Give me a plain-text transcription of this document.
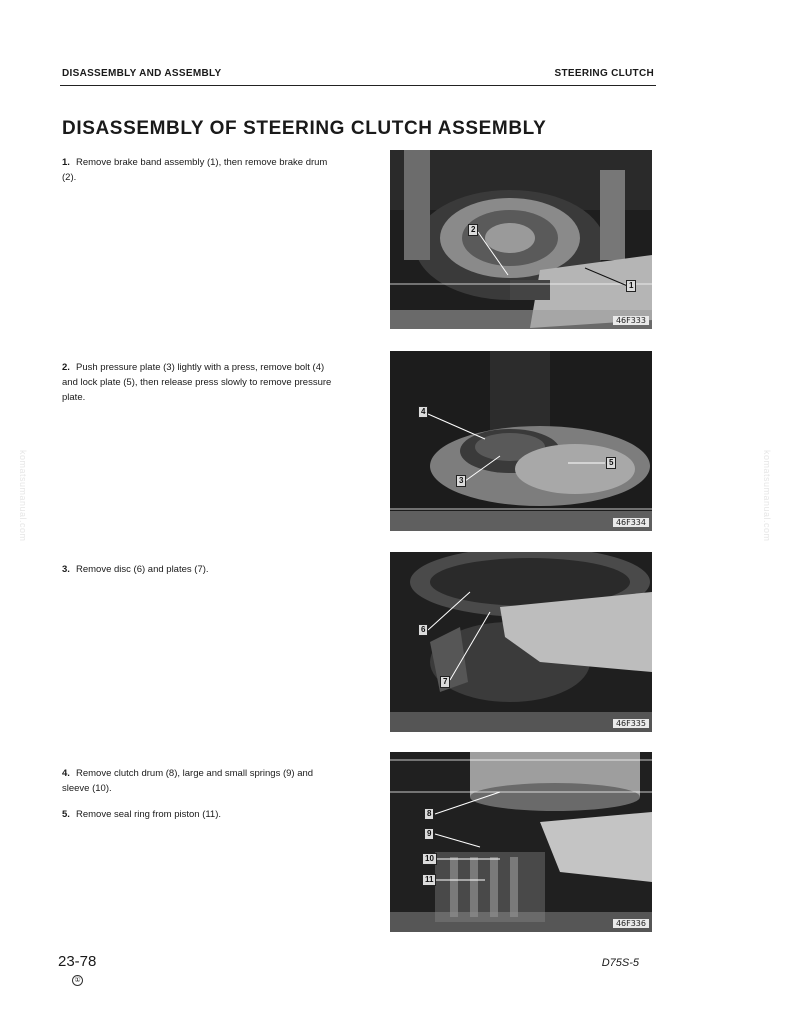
DISASSEMBLY AND ASSEMBLY	STEERING CLUTCH
DISASSEMBLY OF STEERING CLUTCH ASSEMBLY
1. Remove brake band assembly (1), then remove brake drum (2).
2. Push pressure plate (3) lightly with a press, remove bolt (4) and lock plate (5), then release press slowly to remove pressure plate.
3. Remove disc (6) and plates (7).
4. Remove clutch drum (8), large and small springs (9) and sleeve (10).
5. Remove seal ring from piston (11).
2
1
46F333
4
3
5
46F334
6
7
46F335
8
9
10
11
46F336
23-78
①
D75S-5
komatsumanual.com	komatsumanual.com
